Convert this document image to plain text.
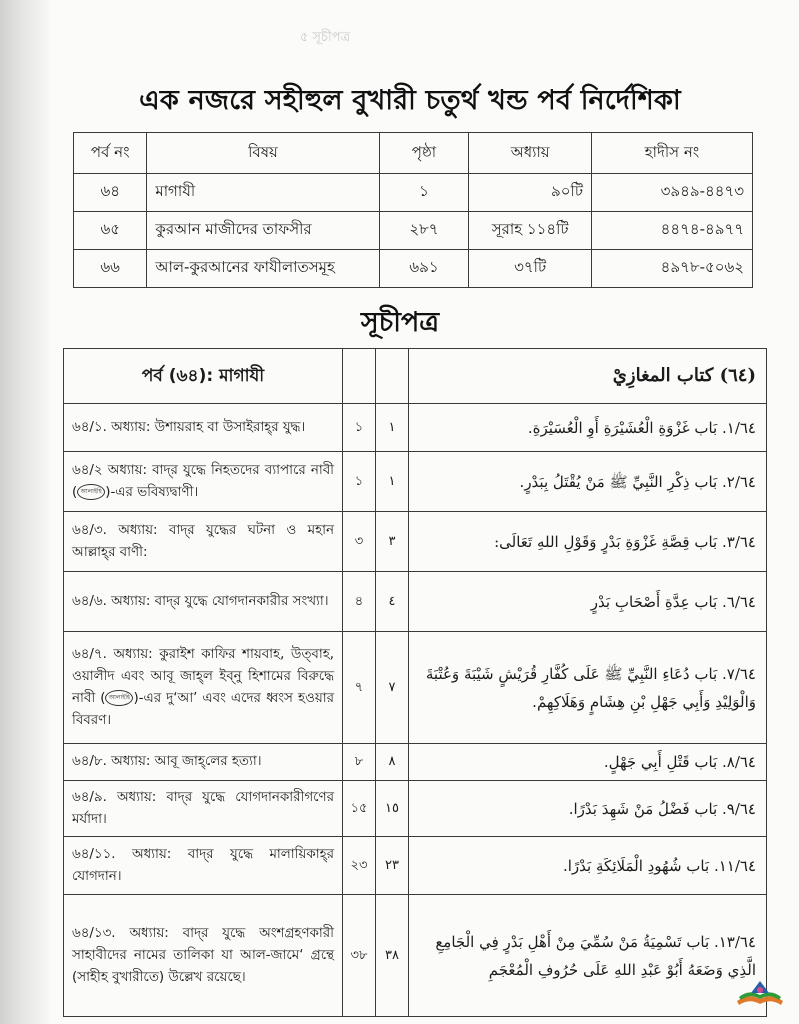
৫ সূচীপত্র
এক নজরে সহীহুল বুখারী চতুর্থ খন্ড পর্ব নির্দেশিকা
পর্ব নং	বিষয়	পৃষ্ঠা	অধ্যায়	হাদীস নং
৬৪	মাগাযী	১	৯০টি	৩৯৪৯-৪৪৭৩
৬৫	কুরআন মাজীদের তাফসীর	২৮৭	সূরাহ ১১৪টি	৪৪৭৪-৪৯৭৭
৬৬	আল-কুরআনের ফাযীলাতসমূহ	৬৯১	৩৭টি	৪৯৭৮-৫০৬২
সূচীপত্র
পর্ব (৬৪): মাগাযী			(٦٤) كتاب المغازِيْ
৬৪/১. অধ্যায়: উশায়রাহ বা উসাইরাহ্‌র যুদ্ধ।	১	١	١/٦٤. بَاب غَزْوَةِ الْعُشَيْرَةِ أَوِ الْعُسَيْرَةِ.
৬৪/২ অধ্যায়: বাদ্‌র যুদ্ধে নিহতদের ব্যাপারে নাবী ( আলাইহি )-এর ভবিষ্যদ্বাণী।	১	١	٢/٦٤. بَاب ذِكْرِ النَّبِيِّ ﷺ مَنْ يُقْتَلُ بِبَدْرٍ.
৬৪/৩. অধ্যায়: বাদ্‌র যুদ্ধের ঘটনা ও মহান আল্লাহ্‌র বাণী:	৩	٣	٣/٦٤. بَاب قِصَّةِ غَزْوَةِ بَدْرٍ وَقَوْلِ اللهِ تَعَالَى:
৬৪/৬. অধ্যায়: বাদ্‌র যুদ্ধে যোগদানকারীর সংখ্যা।	৪	٤	٦/٦٤. بَاب عِدَّةِ أَصْحَابِ بَدْرٍ
৬৪/৭. অধ্যায়: কুরাইশ কাফির শায়বাহ, উত্‌বাহ, ওয়ালীদ এবং আবূ জাহ্‌ল ইব্‌নু হিশামের বিরুদ্ধে নাবী ( আলাইহি )-এর দু‘আ’ এবং এদের ধ্বংস হওয়ার বিবরণ।	৭	٧	٧/٦٤. بَاب دُعَاءِ النَّبِيِّ ﷺ عَلَى كُفَّارِ قُرَيْشٍ شَيْبَةَ وَعُتْبَةَ وَالْوَلِيْدِ وَأَبِي جَهْلِ بْنِ هِشَامٍ وَهَلَاكِهِمْ.
৬৪/৮. অধ্যায়: আবূ জাহ্‌লের হত্যা।	৮	٨	٨/٦٤. بَاب قَتْلِ أَبِي جَهْلٍ.
৬৪/৯. অধ্যায়: বাদ্‌র যুদ্ধে যোগদানকারীগণের মর্যাদা।	১৫	١٥	٩/٦٤. بَاب فَضْلُ مَنْ شَهِدَ بَدْرًا.
৬৪/১১. অধ্যায়: বাদ্‌র যুদ্ধে মালায়িকাহ্‌র যোগদান।	২৩	٢٣	١١/٦٤. بَاب شُهُودِ الْمَلَائِكَةِ بَدْرًا.
৬৪/১৩. অধ্যায়: বাদ্‌র যুদ্ধে অংশগ্রহণকারী সাহাবীদের নামের তালিকা যা আল-জামে‘ গ্রন্থে (সাহীহ বুখারীতে) উল্লেখ রয়েছে।	৩৮	٣٨	١٣/٦٤. بَاب تَسْمِيَةُ مَنْ سُمِّيَ مِنْ أَهْلِ بَدْرٍ فِي الْجَامِعِ الَّذِي وَضَعَهُ أَبُوْ عَبْدِ اللهِ عَلَى حُرُوفِ الْمُعْجَمِ
